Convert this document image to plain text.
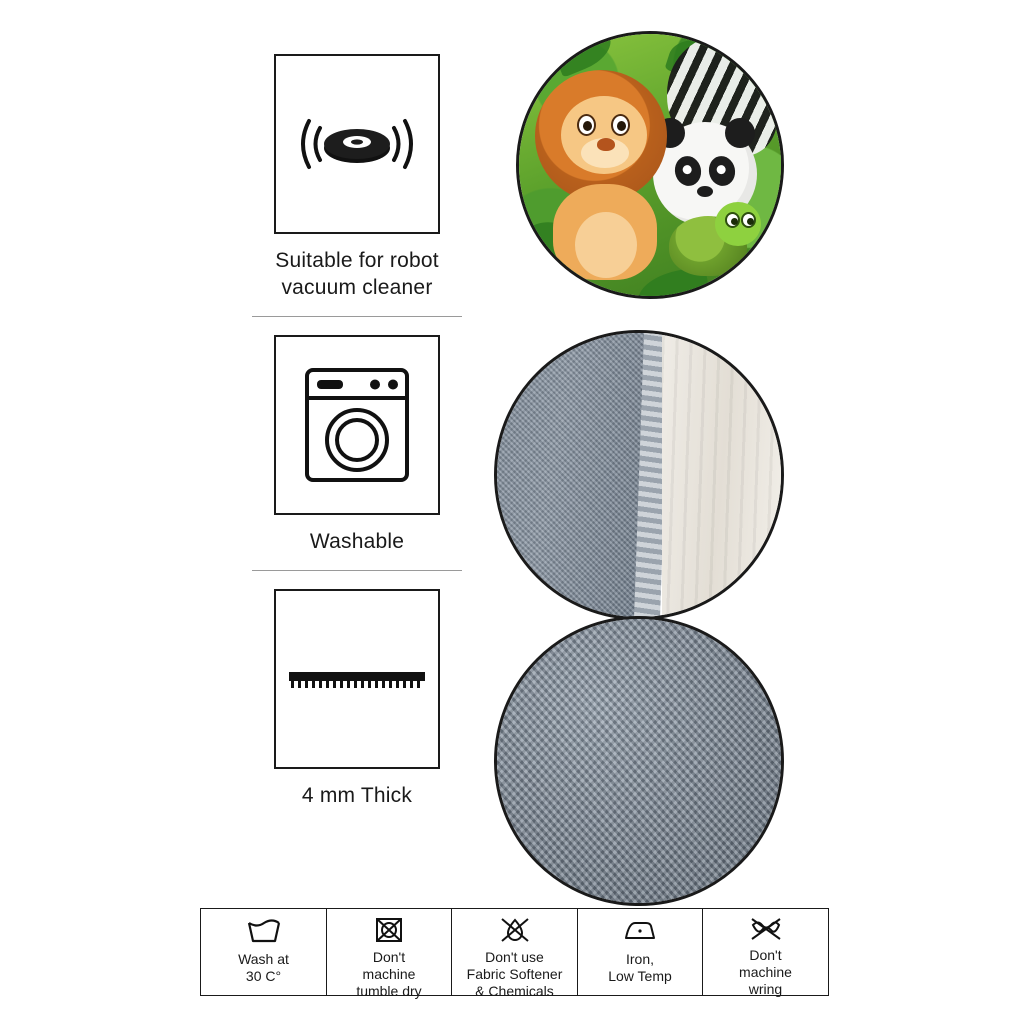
Suitable for robot
vacuum cleaner
Washable
4 mm Thick
Wash at
30 C°
Don't
machine
tumble dry
Don't use
Fabric Softener
& Chemicals
Iron,
Low Temp
Don't
machine
wring
